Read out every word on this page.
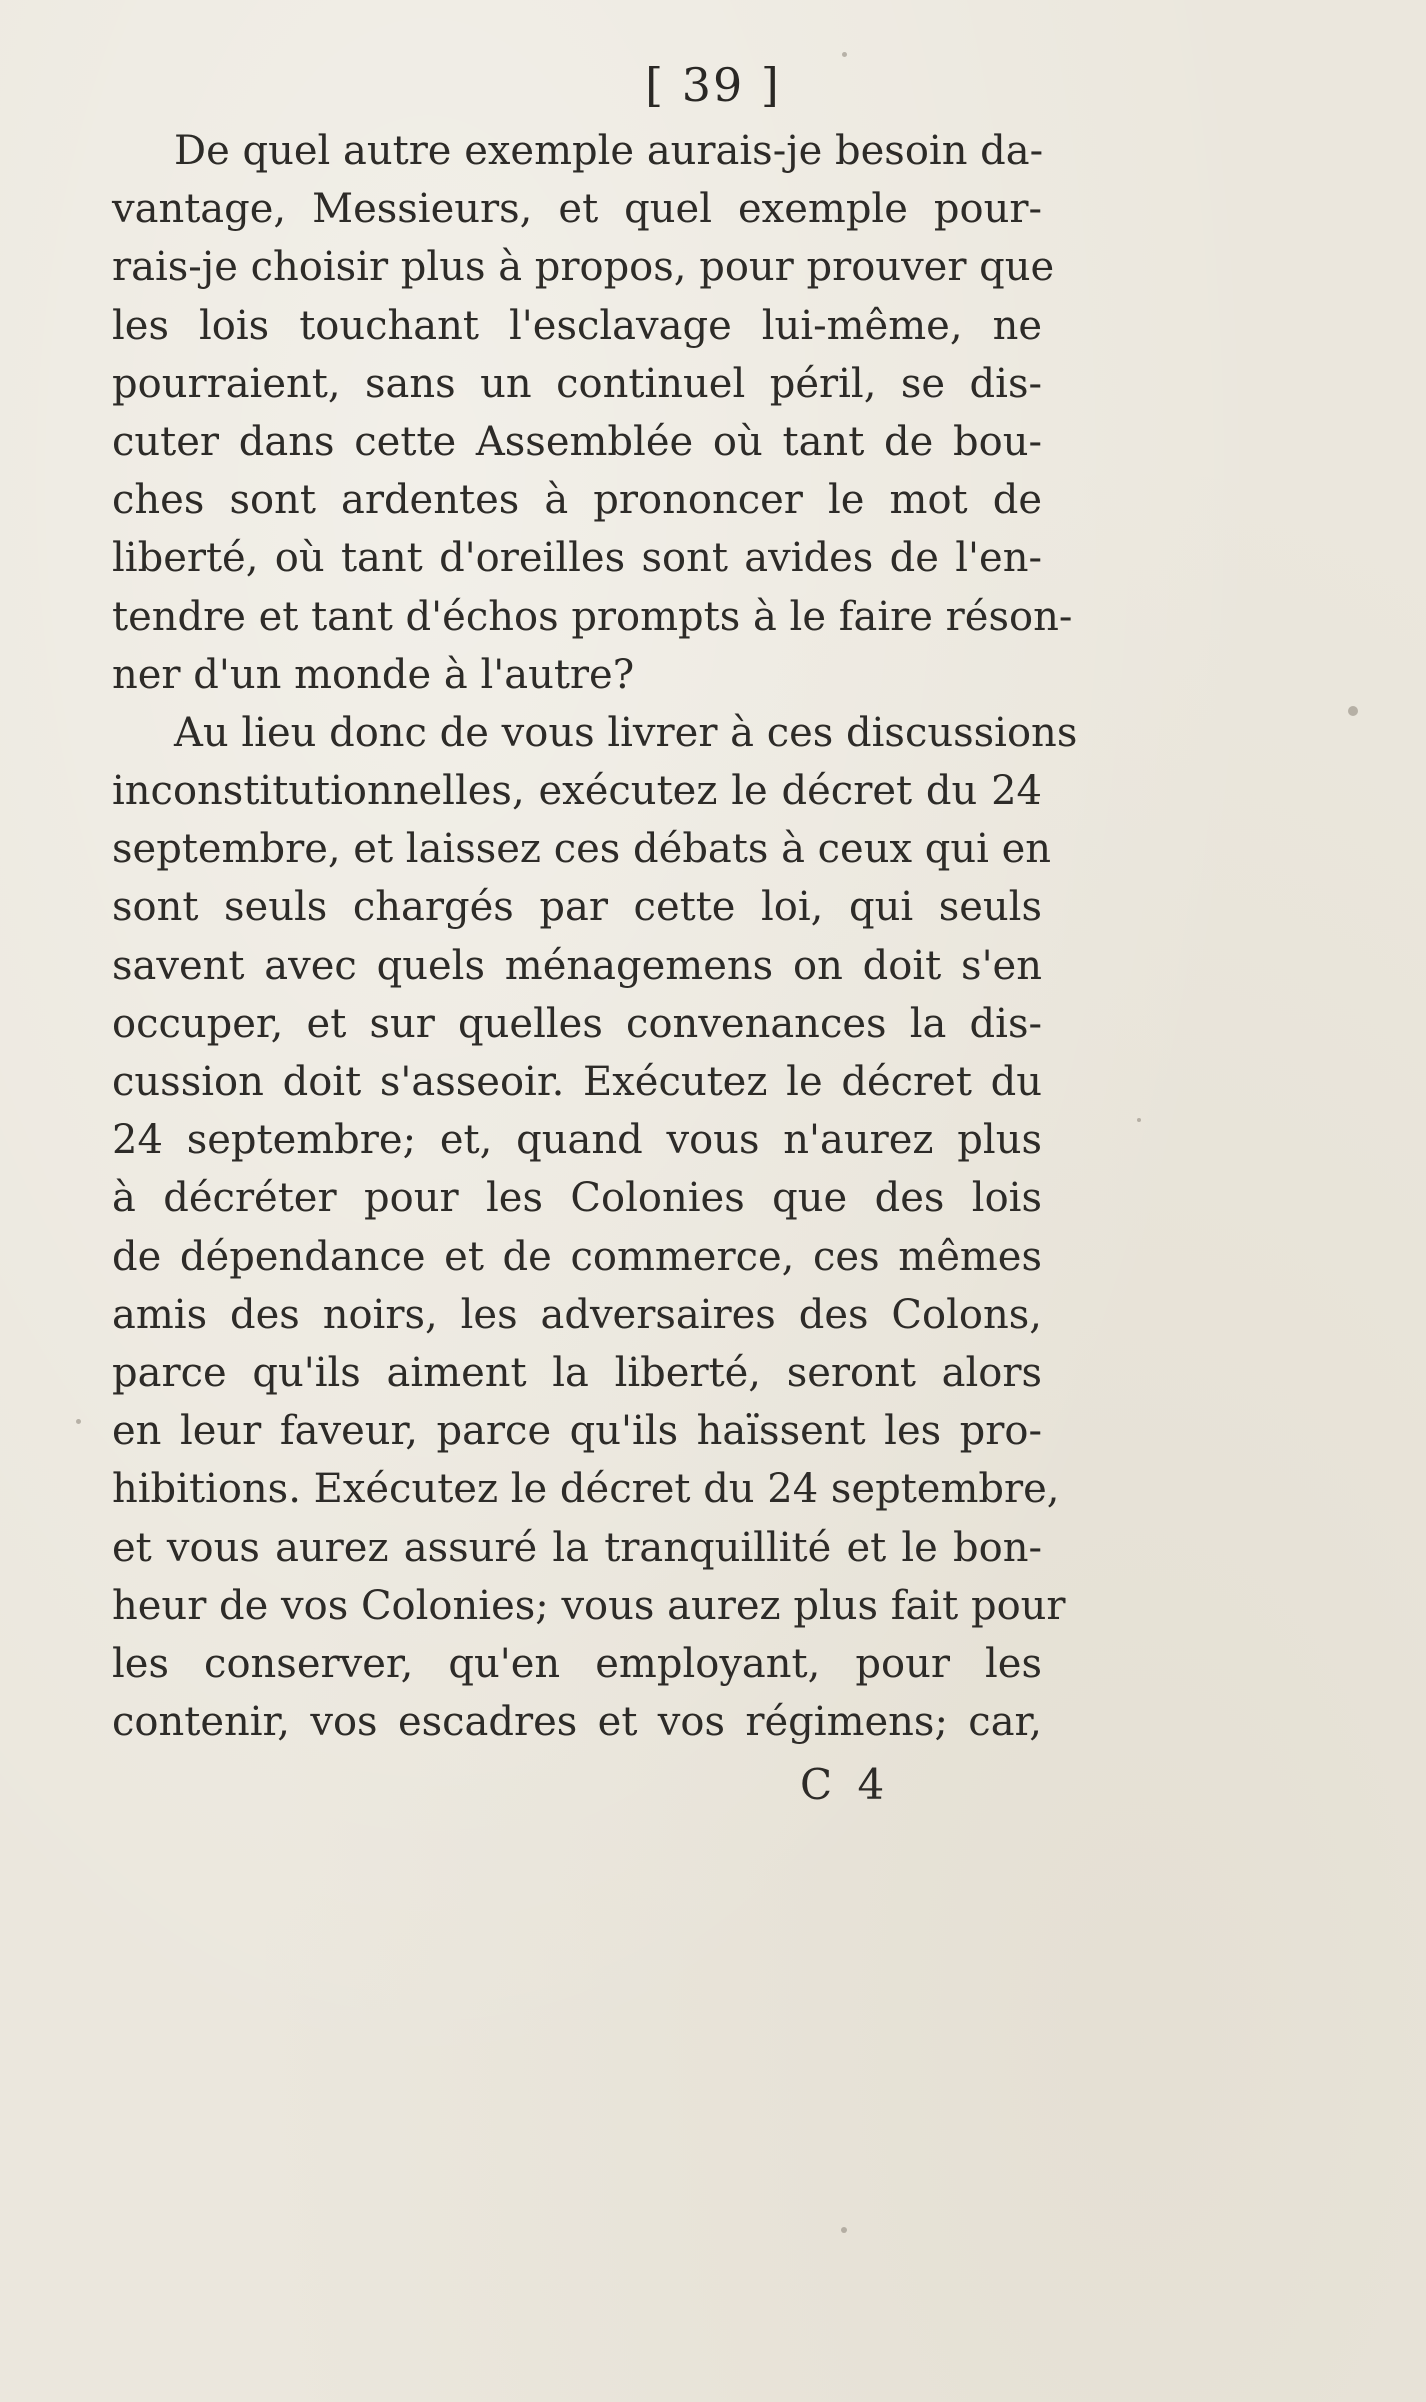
[ 39 ]
De quel autre exemple aurais-je besoin da-
vantage, Messieurs, et quel exemple pour-
rais-je choisir plus à propos, pour prouver que
les lois touchant l'esclavage lui-même, ne
pourraient, sans un continuel péril, se dis-
cuter dans cette Assemblée où tant de bou-
ches sont ardentes à prononcer le mot de
liberté, où tant d'oreilles sont avides de l'en-
tendre et tant d'échos prompts à le faire réson-
ner d'un monde à l'autre?
Au lieu donc de vous livrer à ces discussions
inconstitutionnelles, exécutez le décret du 24
septembre, et laissez ces débats à ceux qui en
sont seuls chargés par cette loi, qui seuls
savent avec quels ménagemens on doit s'en
occuper, et sur quelles convenances la dis-
cussion doit s'asseoir. Exécutez le décret du
24 septembre; et, quand vous n'aurez plus
à décréter pour les Colonies que des lois
de dépendance et de commerce, ces mêmes
amis des noirs, les adversaires des Colons,
parce qu'ils aiment la liberté, seront alors
en leur faveur, parce qu'ils haïssent les pro-
hibitions. Exécutez le décret du 24 septembre,
et vous aurez assuré la tranquillité et le bon-
heur de vos Colonies; vous aurez plus fait pour
les conserver, qu'en employant, pour les
contenir, vos escadres et vos régimens; car,
C 4
